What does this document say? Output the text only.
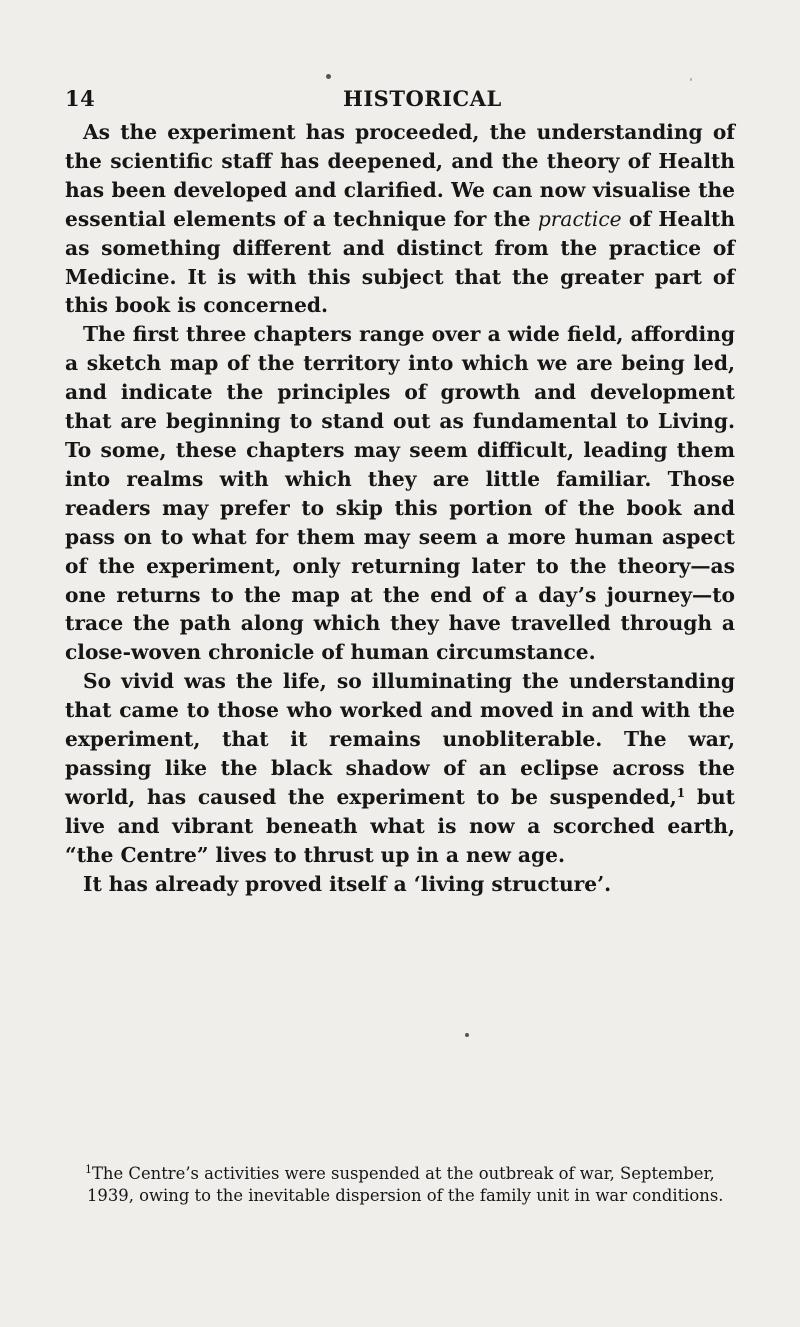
14	HISTORICAL

As the experiment has proceeded, the understanding of the scientific staff has deepened, and the theory of Health has been developed and clarified. We can now visualise the essential elements of a technique for the practice of Health as something different and distinct from the practice of Medicine. It is with this subject that the greater part of this book is concerned.

The first three chapters range over a wide field, affording a sketch map of the territory into which we are being led, and indicate the principles of growth and development that are beginning to stand out as fundamental to Living. To some, these chapters may seem difficult, leading them into realms with which they are little familiar. Those readers may prefer to skip this portion of the book and pass on to what for them may seem a more human aspect of the experiment, only returning later to the theory—as one returns to the map at the end of a day’s journey—to trace the path along which they have travelled through a close-woven chronicle of human circumstance.

So vivid was the life, so illuminating the understanding that came to those who worked and moved in and with the experiment, that it remains unobliterable. The war, passing like the black shadow of an eclipse across the world, has caused the experiment to be suspended,$^1$ but live and vibrant beneath what is now a scorched earth, “the Centre” lives to thrust up in a new age.

It has already proved itself a ‘living structure’.

$^1$The Centre’s activities were suspended at the outbreak of war, September,
1939, owing to the inevitable dispersion of the family unit in war conditions.
